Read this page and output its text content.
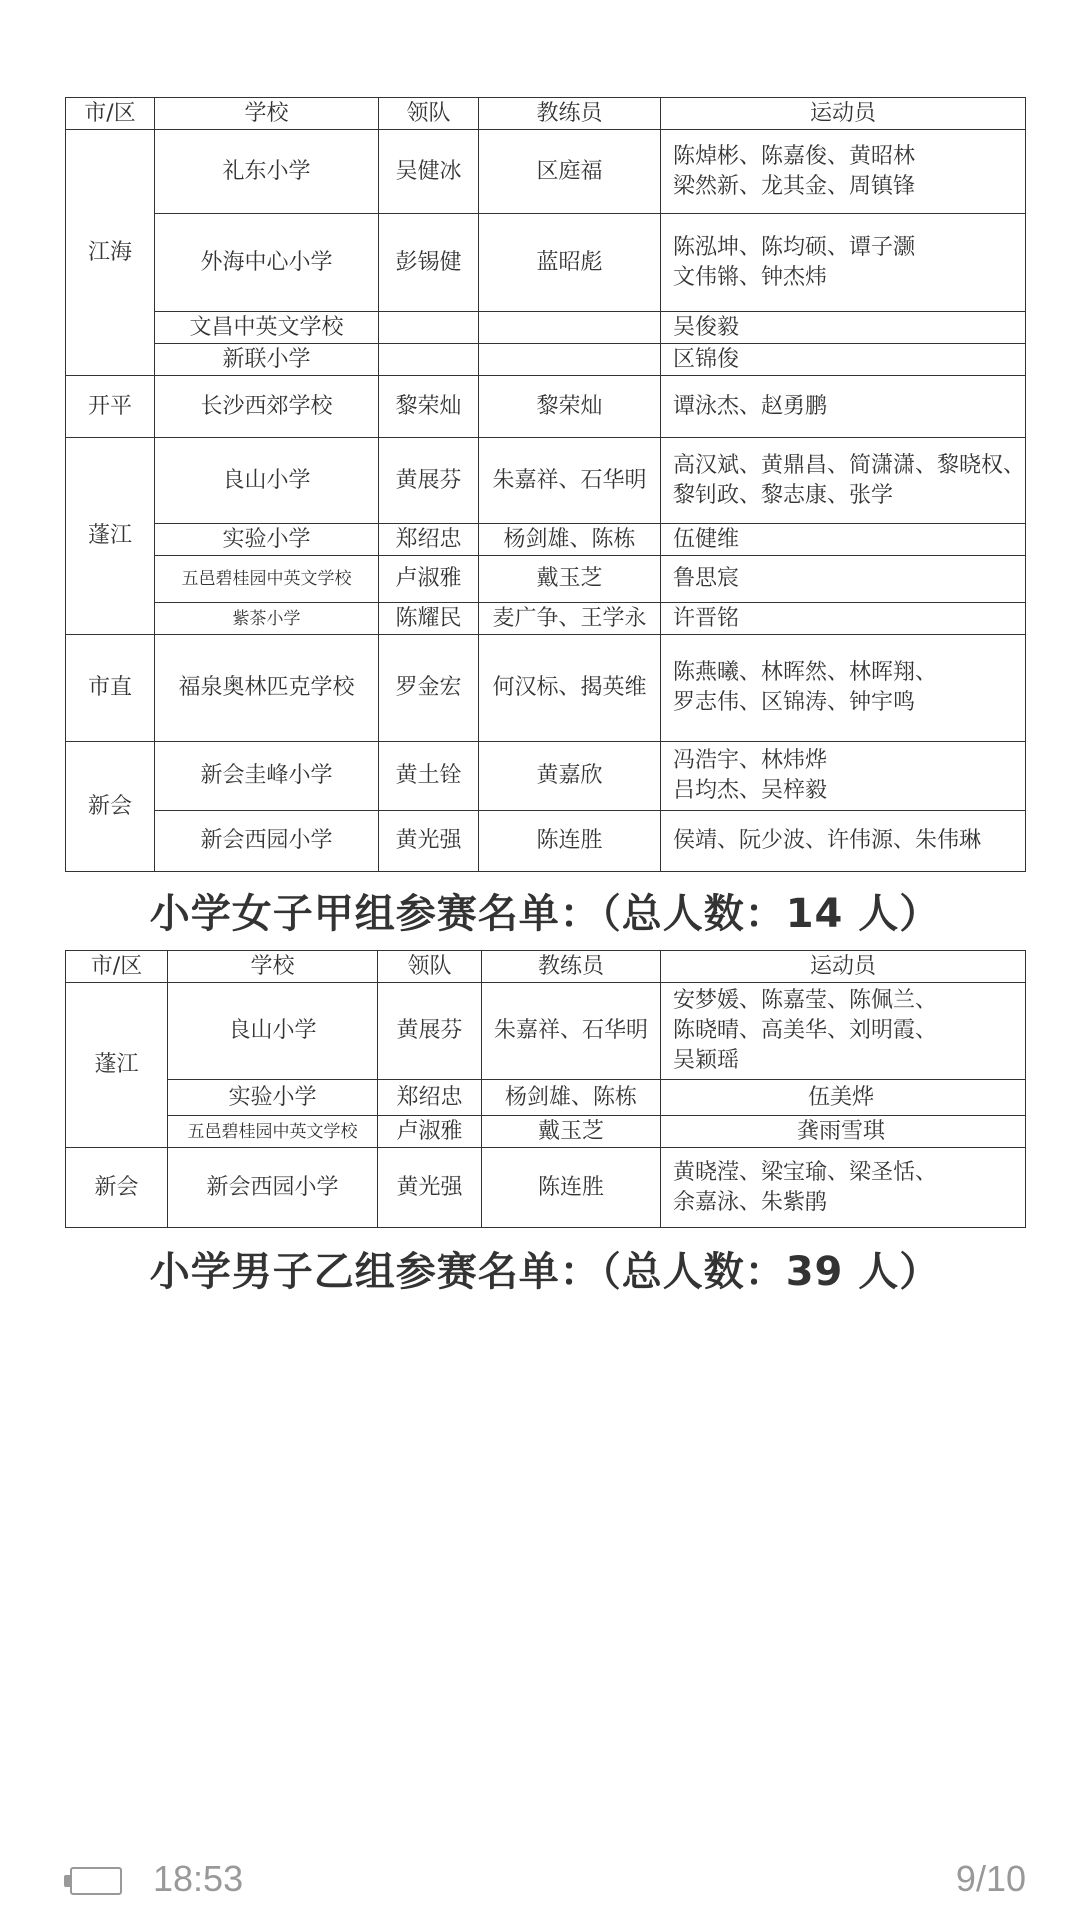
市/区	学校	领队	教练员	运动员
江海	礼东小学	吴健冰	区庭福	陈焯彬、陈嘉俊、黄昭林
梁然新、龙其金、周镇锋

	外海中心小学	彭锡健	蓝昭彪	陈泓坤、陈均硕、谭子灏
文伟锵、钟杰炜

	文昌中英文学校			吴俊毅

	新联小学			区锦俊

开平	长沙西郊学校	黎荣灿	黎荣灿	谭泳杰、赵勇鹏

蓬江	良山小学	黄展芬	朱嘉祥、石华明	高汉斌、黄鼎昌、简潇潇、黎晓权、
黎钊政、黎志康、张学

	实验小学	郑绍忠	杨剑雄、陈栋	伍健维

	五邑碧桂园中英文学校	卢淑雅	戴玉芝	鲁思宸

	紫茶小学	陈耀民	麦广争、王学永	许晋铭

市直	福泉奥林匹克学校	罗金宏	何汉标、揭英维	陈燕曦、林晖然、林晖翔、
罗志伟、区锦涛、钟宇鸣

新会	新会圭峰小学	黄土铨	黄嘉欣	冯浩宇、林炜烨
吕均杰、吴梓毅

	新会西园小学	黄光强	陈连胜	侯靖、阮少波、许伟源、朱伟琳
小学女子甲组参赛名单：（总人数：14 人）
市/区	学校	领队	教练员	运动员
蓬江	良山小学	黄展芬	朱嘉祥、石华明	安梦媛、陈嘉莹、陈佩兰、
陈晓晴、高美华、刘明霞、
吴颖瑶

	实验小学	郑绍忠	杨剑雄、陈栋	伍美烨

	五邑碧桂园中英文学校	卢淑雅	戴玉芝	龚雨雪琪

新会	新会西园小学	黄光强	陈连胜	黄晓滢、梁宝瑜、梁圣恬、
余嘉泳、朱紫鹃
小学男子乙组参赛名单：（总人数：39 人）
18:53	9/10
